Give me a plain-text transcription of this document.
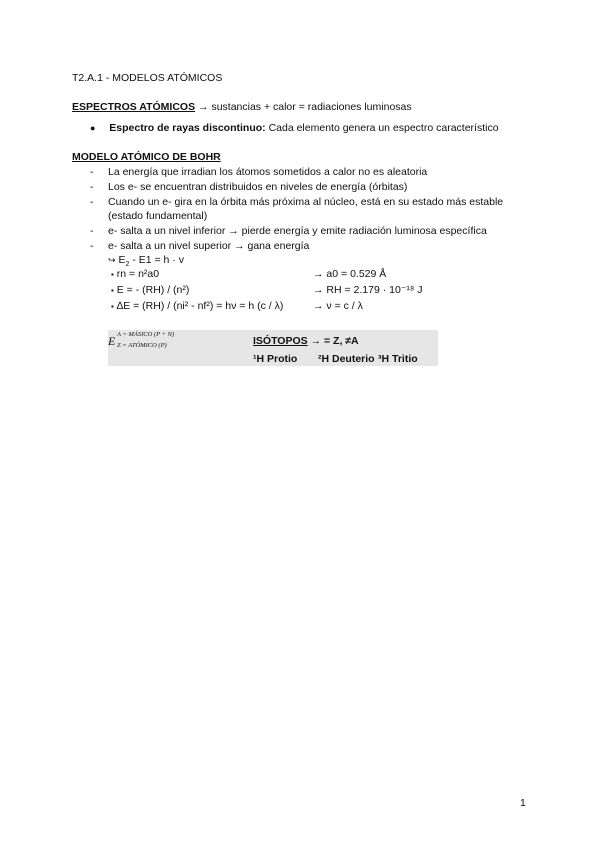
T2.A.1 - MODELOS ATÓMICOS
ESPECTROS ATÓMICOS → sustancias + calor = radiaciones luminosas
● Espectro de rayas discontinuo: Cada elemento genera un espectro característico
MODELO ATÓMICO DE BOHR
- La energía que irradian los átomos sometidos a calor no es aleatoria
- Los e- se encuentran distribuidos en niveles de energía (órbitas)
- Cuando un e- gira en la órbita más próxima al núcleo, está en su estado más estable
(estado fundamental)
- e- salta a un nivel inferior → pierde energía y emite radiación luminosa específica
- e- salta a un nivel superior → gana energía
↪ $E_2 - E1 = h \cdot v$
▪ rn = n²a0	→ a0 = 0.529 Å
▪ E = - (RH) / (n²)	→ RH = 2.179 · 10⁻¹⁸ J
▪ ∆E = (RH) / (ni² - nf²) = hν = h (c / λ)	→ ν = c / λ
E A = MÁSICO (P + N)
Z = ATÓMICO (P)	ISÓTOPOS → = Z, ≠A		
	¹H Protio	²H Deuterio	³H Tritio
1
